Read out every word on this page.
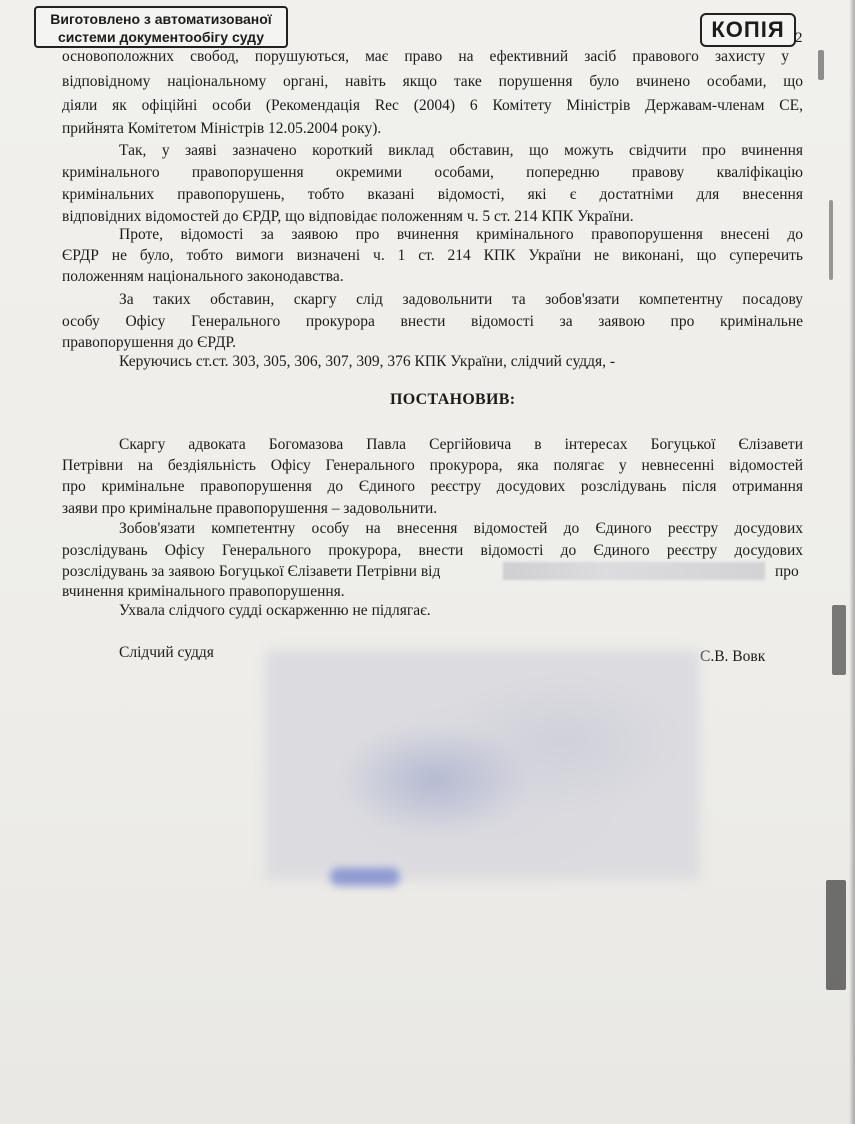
Виготовлено з автоматизованої
системи документообігу суду	КОПІЯ 2
основоположних свобод, порушуються, має право на ефективний засіб правового захисту у
відповідному національному органі, навіть якщо таке порушення було вчинено особами, що
діяли як офіційні особи (Рекомендація Rec (2004) 6 Комітету Міністрів Державам-членам СЕ,
прийнята Комітетом Міністрів 12.05.2004 року).
Так, у заяві зазначено короткий виклад обставин, що можуть свідчити про вчинення
кримінального правопорушення окремими особами, попередню правову кваліфікацію
кримінальних правопорушень, тобто вказані відомості, які є достатніми для внесення
відповідних відомостей до ЄРДР, що відповідає положенням ч. 5 ст. 214 КПК України.
Проте, відомості за заявою про вчинення кримінального правопорушення внесені до
ЄРДР не було, тобто вимоги визначені ч. 1 ст. 214 КПК України не виконані, що суперечить
положенням національного законодавства.
За таких обставин, скаргу слід задовольнити та зобов'язати компетентну посадову
особу Офісу Генерального прокурора внести відомості за заявою про кримінальне
правопорушення до ЄРДР.
Керуючись ст.ст. 303, 305, 306, 307, 309, 376 КПК України, слідчий суддя, -
ПОСТАНОВИВ:
Скаргу адвоката Богомазова Павла Сергійовича в інтересах Богуцької Єлізавети
Петрівни на бездіяльність Офісу Генерального прокурора, яка полягає у невнесенні відомостей
про кримінальне правопорушення до Єдиного реєстру досудових розслідувань після отримання
заяви про кримінальне правопорушення – задовольнити.
Зобов'язати компетентну особу на внесення відомостей до Єдиного реєстру досудових
розслідувань Офісу Генерального прокурора, внести відомості до Єдиного реєстру досудових
розслідувань за заявою Богуцької Єлізавети Петрівни від	про
вчинення кримінального правопорушення.
Ухвала слідчого судді оскарженню не підлягає.
Слідчий суддя	С.В. Вовк
